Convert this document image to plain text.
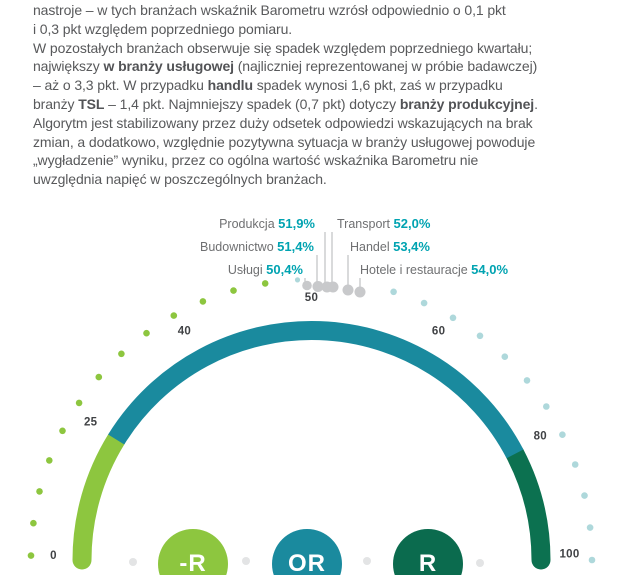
nastroje – w tych branżach wskaźnik Barometru wzrósł odpowiednio o 0,1 pkt
i 0,3 pkt względem poprzedniego pomiaru.
W pozostałych branżach obserwuje się spadek względem poprzedniego kwartału;
największy w branży usługowej (najliczniej reprezentowanej w próbie badawczej)
– aż o 3,3 pkt. W przypadku handlu spadek wynosi 1,6 pkt, zaś w przypadku
branży TSL – 1,4 pkt. Najmniejszy spadek (0,7 pkt) dotyczy branży produkcyjnej.
Algorytm jest stabilizowany przez duży odsetek odpowiedzi wskazujących na brak
zmian, a dodatkowo, względnie pozytywna sytuacja w branży usługowej powoduje
„wygładzenie” wyniku, przez co ogólna wartość wskaźnika Barometru nie
uwzględnia napięć w poszczególnych branżach.
0
25
40
50
60
80
100
Produkcja 51,9% Transport 52,0%
Budownictwo 51,4%	Handel 53,4%
Usługi 50,4%	Hotele i restauracje 54,0%
-R	OR	R
